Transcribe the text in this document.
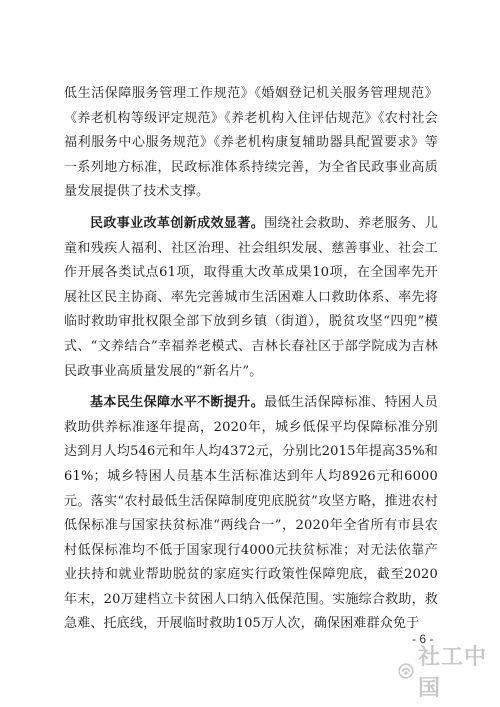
低生活保障服务管理工作规范》《婚姻登记机关服务管理规范》《养老机构等级评定规范》《养老机构入住评估规范》《农村社会福利服务中心服务规范》《养老机构康复辅助器具配置要求》等一系列地方标准，民政标准体系持续完善，为全省民政事业高质量发展提供了技术支撑。

民政事业改革创新成效显著。围绕社会救助、养老服务、儿童和残疾人福利、社区治理、社会组织发展、慈善事业、社会工作开展各类试点61项，取得重大改革成果10项，在全国率先开展社区民主协商、率先完善城市生活困难人口救助体系、率先将临时救助审批权限全部下放到乡镇（街道），脱贫攻坚“四兜”模式、“文养结合”幸福养老模式、吉林长春社区于部学院成为吉林民政事业高质量发展的“新名片”。

基本民生保障水平不断提升。最低生活保障标准、特困人员救助供养标准逐年提高，2020年，城乡低保平均保障标准分别达到月人均546元和年人均4372元，分别比2015年提高35%和61%；城乡特困人员基本生活标准达到年人均8926元和6000元。落实“农村最低生活保障制度兜底脱贫”攻坚方略，推进农村低保标准与国家扶贫标准“两线合一”，2020年全省所有市县农村低保标准均不低于国家现行4000元扶贫标准；对无法依靠产业扶持和就业帮助脱贫的家庭实行政策性保障兜底，截至2020年末，20万建档立卡贫困人口纳入低保范围。实施综合救助，救急难、托底线，开展临时救助105万人次，确保困难群众免于

- 6 -
社工中国
